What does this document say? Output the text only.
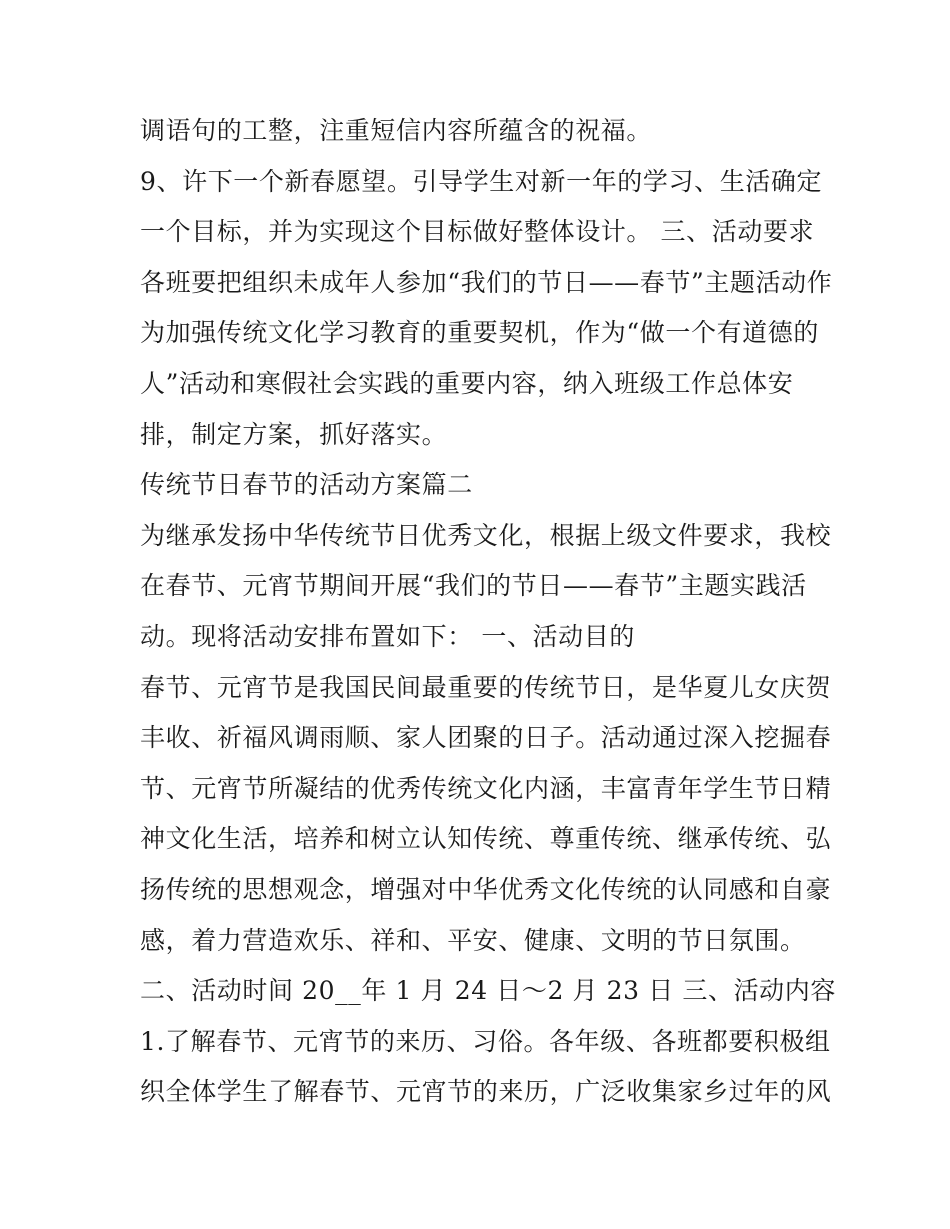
调语句的工整，注重短信内容所蕴含的祝福。
9、许下一个新春愿望。引导学生对新一年的学习、生活确定
一个目标，并为实现这个目标做好整体设计。 三、活动要求
各班要把组织未成年人参加“我们的节日——春节”主题活动作
为加强传统文化学习教育的重要契机，作为“做一个有道德的
人”活动和寒假社会实践的重要内容，纳入班级工作总体安
排，制定方案，抓好落实。
传统节日春节的活动方案篇二
为继承发扬中华传统节日优秀文化，根据上级文件要求，我校
在春节、元宵节期间开展“我们的节日——春节”主题实践活
动。现将活动安排布置如下： 一、活动目的
春节、元宵节是我国民间最重要的传统节日，是华夏儿女庆贺
丰收、祈福风调雨顺、家人团聚的日子。活动通过深入挖掘春
节、元宵节所凝结的优秀传统文化内涵，丰富青年学生节日精
神文化生活，培养和树立认知传统、尊重传统、继承传统、弘
扬传统的思想观念，增强对中华优秀文化传统的认同感和自豪
感，着力营造欢乐、祥和、平安、健康、文明的节日氛围。
二、活动时间 20__年 1 月 24 日～2 月 23 日 三、活动内容
1.了解春节、元宵节的来历、习俗。各年级、各班都要积极组
织全体学生了解春节、元宵节的来历，广泛收集家乡过年的风
